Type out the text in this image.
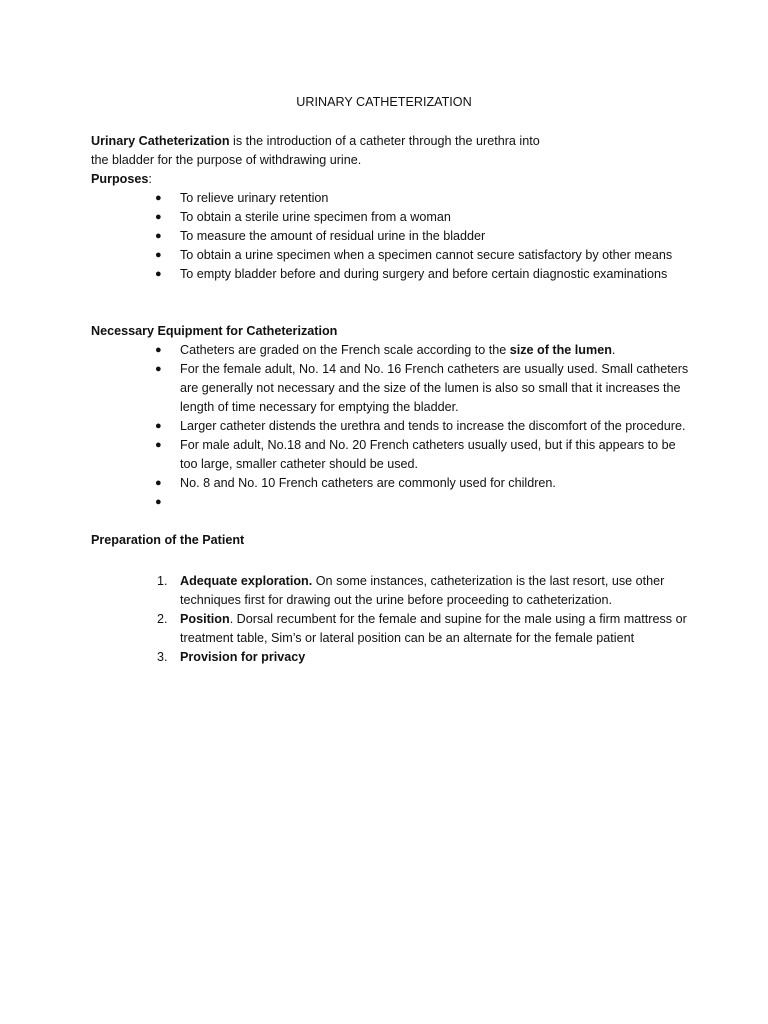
URINARY CATHETERIZATION

Urinary Catheterization is the introduction of a catheter through the urethra into

the bladder for the purpose of withdrawing urine.

Purposes:
● To relieve urinary retention
● To obtain a sterile urine specimen from a woman
● To measure the amount of residual urine in the bladder
● To obtain a urine specimen when a specimen cannot secure satisfactory by other means
● To empty bladder before and during surgery and before certain diagnostic examinations
Necessary Equipment for Catheterization
● Catheters are graded on the French scale according to the size of the lumen.
● For the female adult, No. 14 and No. 16 French catheters are usually used. Small catheters are generally not necessary and the size of the lumen is also so small that it increases the length of time necessary for emptying the bladder.
● Larger catheter distends the urethra and tends to increase the discomfort of the procedure.
● For male adult, No.18 and No. 20 French catheters usually used, but if this appears to be too large, smaller catheter should be used.
● No. 8 and No. 10 French catheters are commonly used for children.
●

Preparation of the Patient
1. Adequate exploration. On some instances, catheterization is the last resort, use other techniques first for drawing out the urine before proceeding to catheterization.
2. Position. Dorsal recumbent for the female and supine for the male using a firm mattress or treatment table, Sim’s or lateral position can be an alternate for the female patient
3. Provision for privacy
